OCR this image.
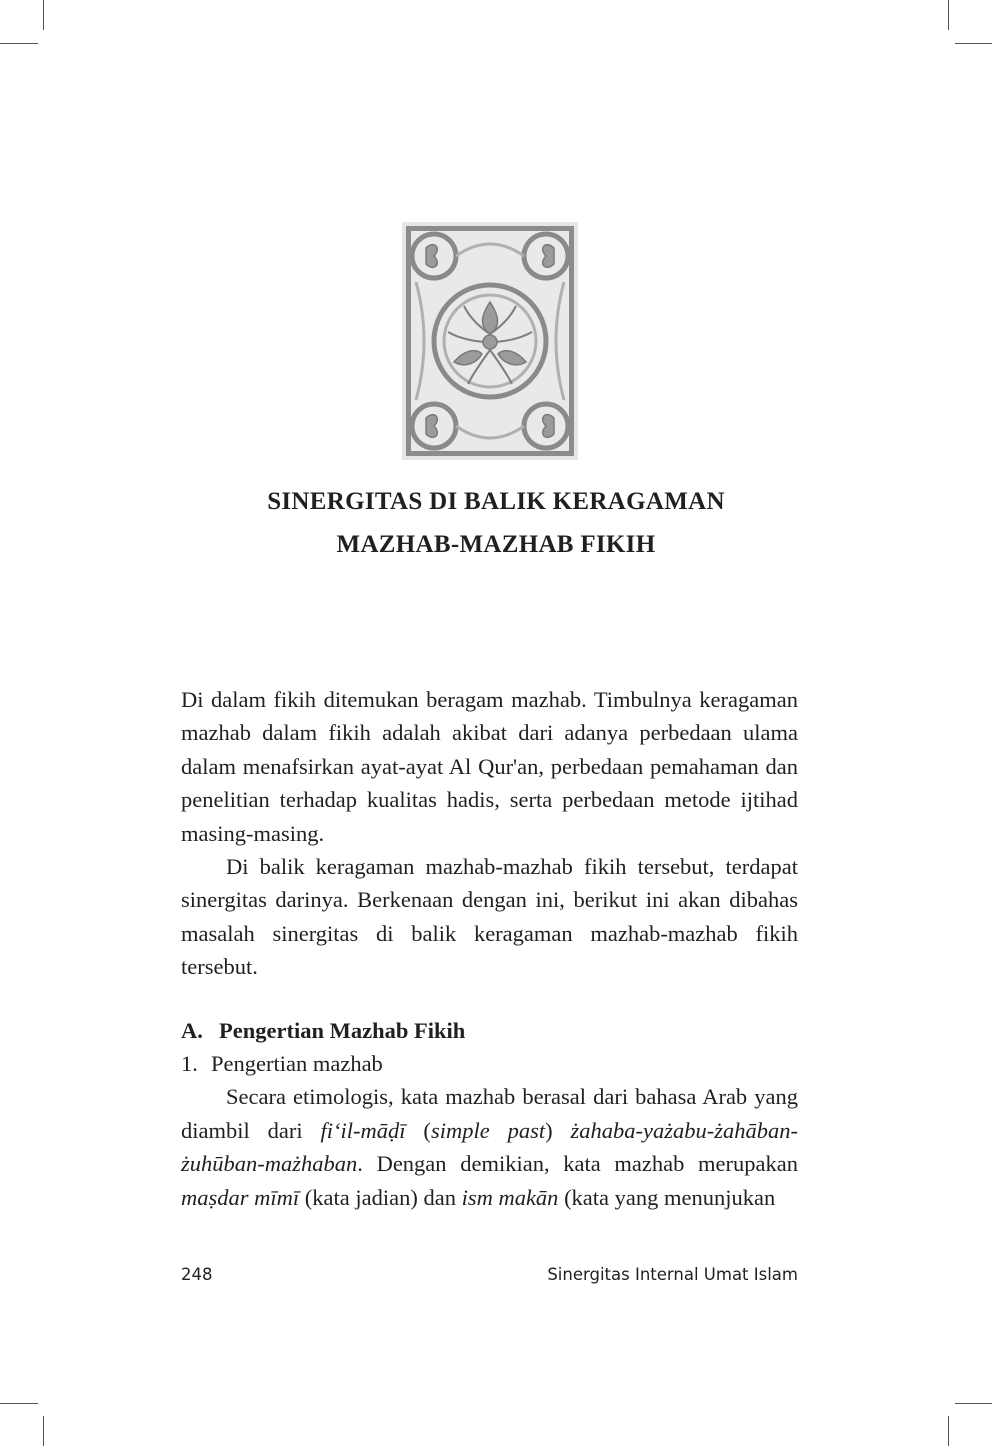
SINERGITAS DI BALIK KERAGAMAN
MAZHAB-MAZHAB FIKIH

Di dalam fikih ditemukan beragam mazhab. Timbulnya keragaman mazhab dalam fikih adalah akibat dari adanya perbedaan ulama dalam menafsirkan ayat-ayat Al Qur'an, perbedaan pemahaman dan penelitian terhadap kualitas hadis, serta perbedaan metode ijtihad masing-masing.

Di balik keragaman mazhab-mazhab fikih tersebut, terdapat sinergitas darinya. Berkenaan dengan ini, berikut ini akan dibahas masalah sinergitas di balik keragaman mazhab-mazhab fikih tersebut.

A. Pengertian Mazhab Fikih
1. Pengertian mazhab

Secara etimologis, kata mazhab berasal dari bahasa Arab yang diambil dari fi‘il-māḍī (simple past) żahaba-yażabu-żahāban-żuhūban-mażhaban. Dengan demikian, kata mazhab merupakan maṣdar mīmī (kata jadian) dan ism makān (kata yang menunjukan

248	Sinergitas Internal Umat Islam
